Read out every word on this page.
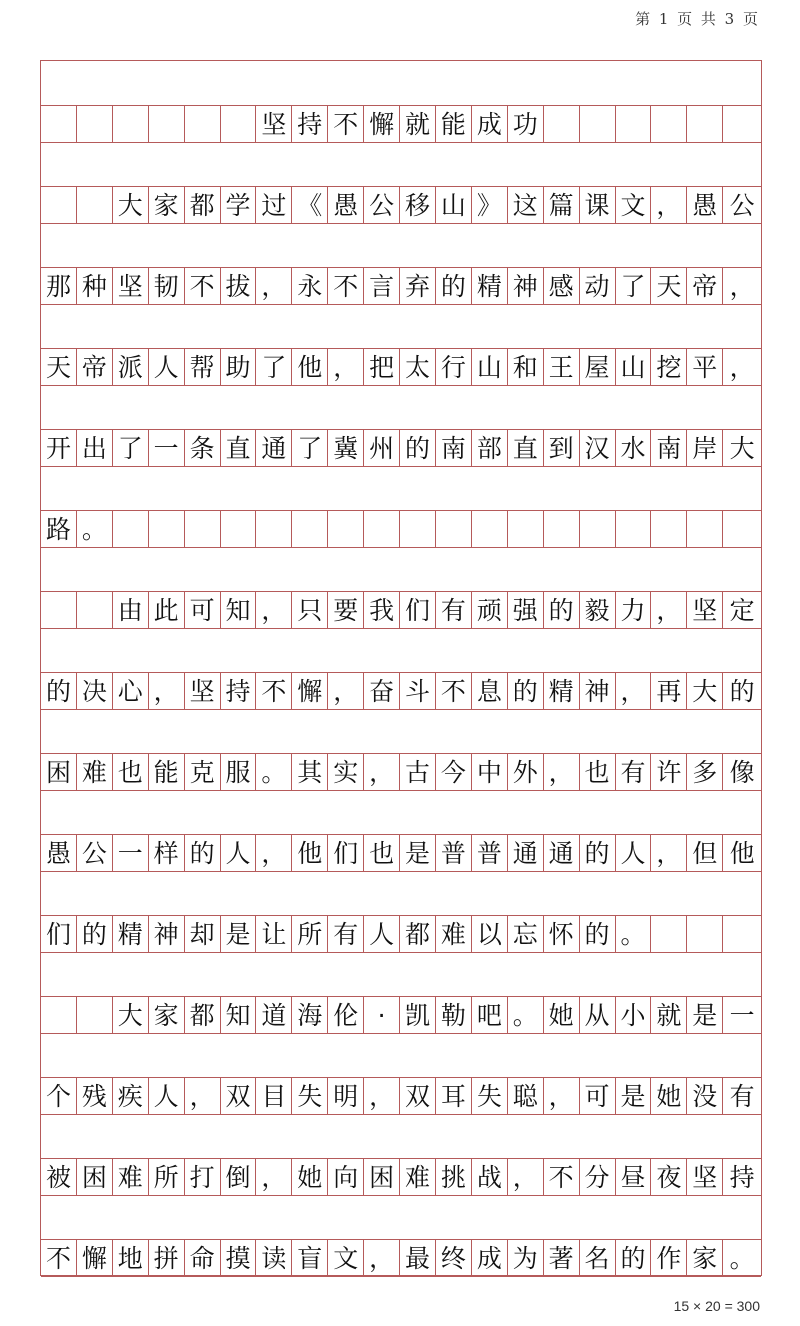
第 1 页 共 3 页
坚 持 不 懈 就 能 成 功
大 家 都 学 过 《 愚 公 移 山 》 这 篇 课 文 ， 愚 公
那 种 坚 韧 不 拔 ， 永 不 言 弃 的 精 神 感 动 了 天 帝 ，
天 帝 派 人 帮 助 了 他 ， 把 太 行 山 和 王 屋 山 挖 平 ，
开 出 了 一 条 直 通 了 冀 州 的 南 部 直 到 汉 水 南 岸 大
路 。
由 此 可 知 ， 只 要 我 们 有 顽 强 的 毅 力 ， 坚 定
的 决 心 ， 坚 持 不 懈 ， 奋 斗 不 息 的 精 神 ， 再 大 的
困 难 也 能 克 服 。 其 实 ， 古 今 中 外 ， 也 有 许 多 像
愚 公 一 样 的 人 ， 他 们 也 是 普 普 通 通 的 人 ， 但 他
们 的 精 神 却 是 让 所 有 人 都 难 以 忘 怀 的 。
大 家 都 知 道 海 伦 · 凯 勒 吧 。 她 从 小 就 是 一
个 残 疾 人 ， 双 目 失 明 ， 双 耳 失 聪 ， 可 是 她 没 有
被 困 难 所 打 倒 ， 她 向 困 难 挑 战 ， 不 分 昼 夜 坚 持
不 懈 地 拼 命 摸 读 盲 文 ， 最 终 成 为 著 名 的 作 家 。
15 × 20 = 300
